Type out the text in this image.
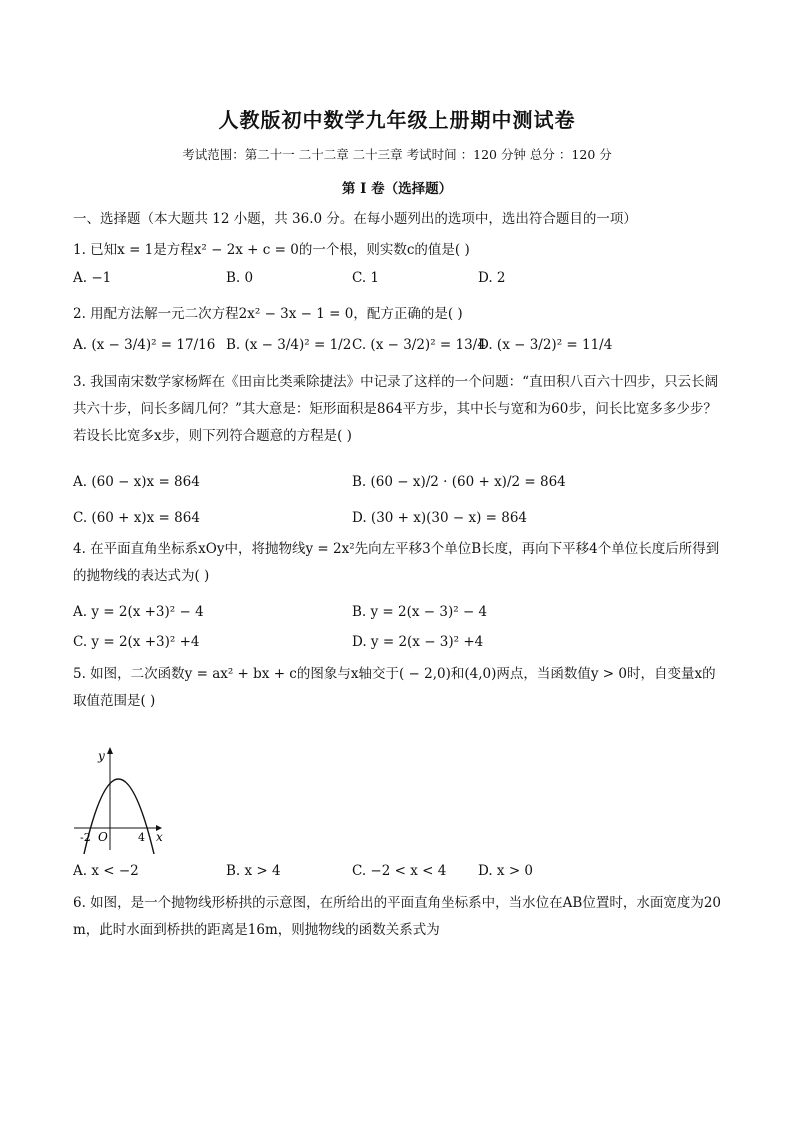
人教版初中数学九年级上册期中测试卷
考试范围：第二十一 二十二章 二十三章 考试时间 ：120 分钟 总分 ：120 分
第 I 卷（选择题）
一、选择题（本大题共 12 小题，共 36.0 分。在每小题列出的选项中，选出符合题目的一项）
1. 已知x = 1是方程x² − 2x + c = 0的一个根，则实数c的值是( )
A. −1	B. 0	C. 1	D. 2
2. 用配方法解一元二次方程2x² − 3x − 1 = 0，配方正确的是( )
A. (x − 3/4)² = 17/16 B. (x − 3/4)² = 1/2 C. (x − 3/2)² = 13/4
D. (x − 3/2)² = 11/4
3. 我国南宋数学家杨辉在《田亩比类乘除捷法》中记录了这样的一个问题：“直田积八百六十四步，只云长阔共六十步，问长多阔几何？”其大意是：矩形面积是864平方步，其中长与宽和为60步，问长比宽多多少步？若设长比宽多x步，则下列符合题意的方程是( )
A. (60 − x)x = 864	B. (60 − x)/2 · (60 + x)/2 = 864
C. (60 + x)x = 864	D. (30 + x)(30 − x) = 864
4. 在平面直角坐标系xOy中，将抛物线y = 2x²先向左平移3个单位B长度，再向下平移4个单位长度后所得到的抛物线的表达式为( )
A. y = 2(x +3)² − 4	B. y = 2(x − 3)² − 4
C. y = 2(x +3)² +4	D. y = 2(x − 3)² +4
5. 如图，二次函数y = ax² + bx + c的图象与x轴交于( − 2,0)和(4,0)两点，当函数值y > 0时，自变量x的取值范围是( )
y
O
-2	4 x
A. x < −2	B. x > 4	C. −2 < x < 4 D. x > 0
6. 如图，是一个抛物线形桥拱的示意图，在所给出的平面直角坐标系中，当水位在AB位置时，水面宽度为20 m，此时水面到桥拱的距离是16m，则抛物线的函数关系式为
